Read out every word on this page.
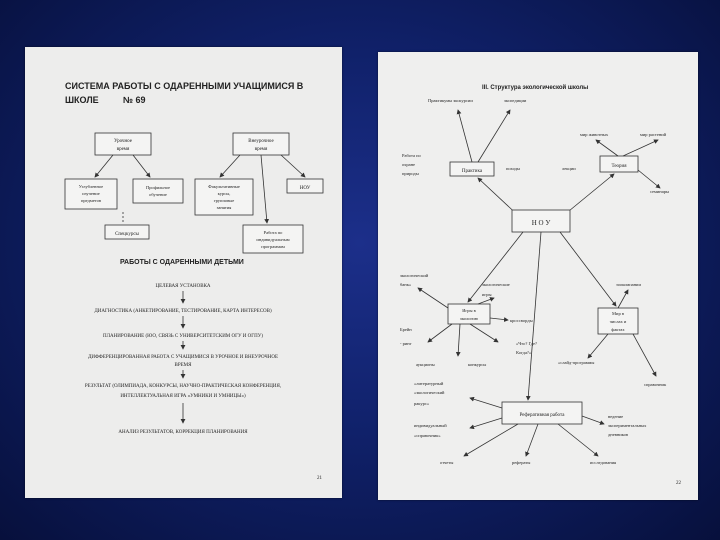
СИСТЕМА РАБОТЫ С ОДАРЕННЫМИ УЧАЩИМИСЯ В
ШКОЛЕ	№ 69
Урочное
время
Внеурочное
время
Углубленное
изучение
предметов
Профильное
обучение
Факультативные
курсы,
групповые
занятия
НОУ
Спецкурсы	Работа по
индивидуальным
программам
РАБОТЫ С ОДАРЕННЫМИ ДЕТЬМИ
ЦЕЛЕВАЯ УСТАНОВКА
ДИАГНОСТИКА (АНКЕТИРОВАНИЕ, ТЕСТИРОВАНИЕ, КАРТА ИНТЕРЕСОВ)
ПЛАНИРОВАНИЕ (ЮО, СВЯЗЬ С УНИВЕРСИТЕТСКИМ ОГУ И ОГПУ)
ДИФФЕРЕНЦИРОВАННАЯ РАБОТА С УЧАЩИМИСЯ В УРОЧНОЕ И ВНЕУРОЧНОЕ
ВРЕМЯ
РЕЗУЛЬТАТ (ОЛИМПИАДА, КОНКУРСЫ, НАУЧНО-ПРАКТИЧЕСКАЯ КОНФЕРЕНЦИЯ,
ИНТЕЛЛЕКТУАЛЬНАЯ ИГРА «УМНИКИ И УМНИЦЫ»)
АНАЛИЗ РЕЗУЛЬТАТОВ, КОРРЕКЦИЯ ПЛАНИРОВАНИЯ
21
III. Структура экологической школы
Практикумы экскурсии	экспедиции
мир животных	мир растений
Работа по
охране
природы	Практика
походы	лекции	Теория
семинары
Н О У
экологический
банк»	экологические
игры
зоокомпании
Игры в
экологию	кроссворды
Мир в
числах и
фактах
Брейн
- ринг	«Что? Где?
Когда?»
аукционы	конкурсы	«слайд-программы
справочник
«литературный
«экологический
ракурс»
Реферативная работа	ведение
экспериментальных
дневников
индивидуальный
«справочник»
отчеты	рефераты	исследования
22
